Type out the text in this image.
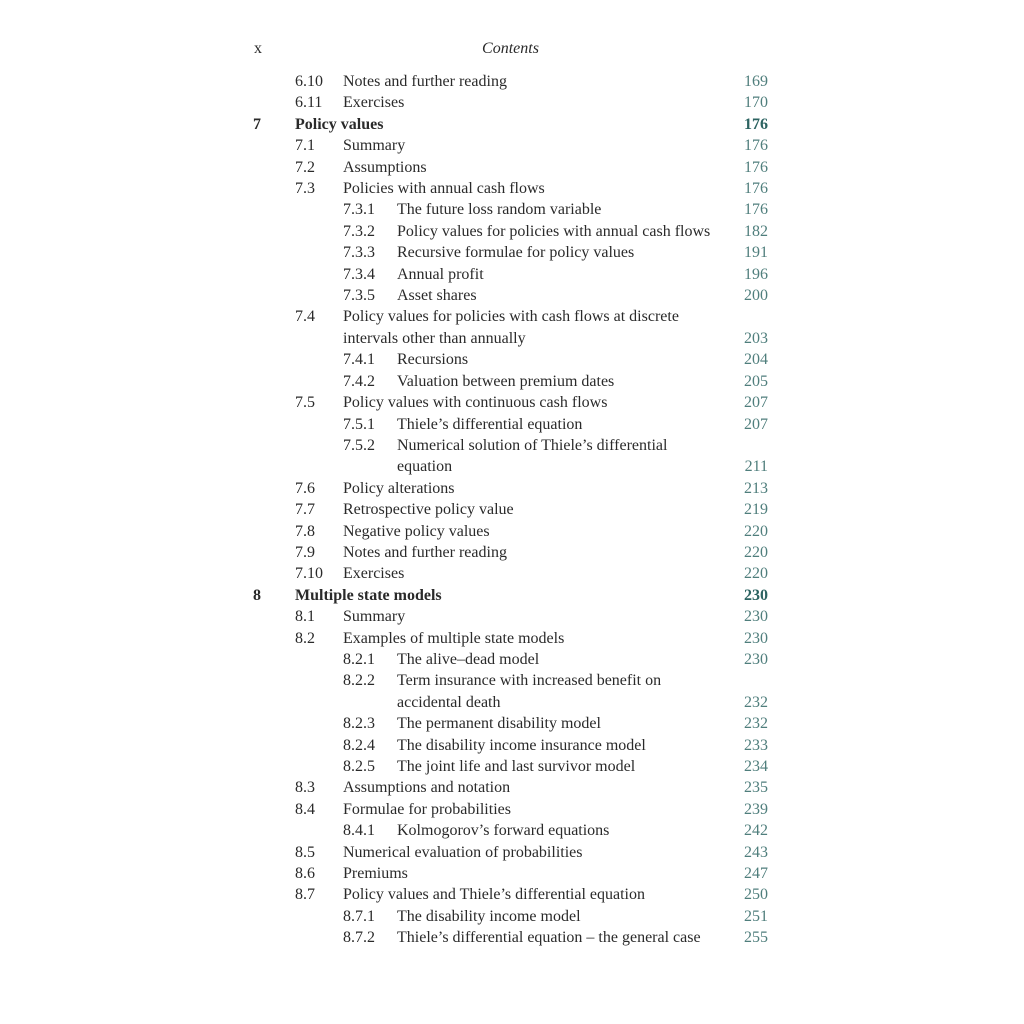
x	Contents
6.10	Notes and further reading	169
6.11	Exercises	170
7	Policy values	176
7.1	Summary	176
7.2	Assumptions	176
7.3	Policies with annual cash flows	176
7.3.1	The future loss random variable	176
7.3.2	Policy values for policies with annual cash flows 182
7.3.3	Recursive formulae for policy values	191
7.3.4	Annual profit	196
7.3.5	Asset shares	200
7.4	Policy values for policies with cash flows at discrete
intervals other than annually	203
7.4.1	Recursions	204
7.4.2	Valuation between premium dates	205
7.5	Policy values with continuous cash flows	207
7.5.1	Thiele’s differential equation	207
7.5.2	Numerical solution of Thiele’s differential
equation	211
7.6	Policy alterations	213
7.7	Retrospective policy value	219
7.8	Negative policy values	220
7.9	Notes and further reading	220
7.10	Exercises	220
8	Multiple state models	230
8.1	Summary	230
8.2	Examples of multiple state models	230
8.2.1	The alive–dead model	230
8.2.2	Term insurance with increased benefit on
accidental death	232
8.2.3	The permanent disability model	232
8.2.4	The disability income insurance model	233
8.2.5	The joint life and last survivor model	234
8.3	Assumptions and notation	235
8.4	Formulae for probabilities	239
8.4.1	Kolmogorov’s forward equations	242
8.5	Numerical evaluation of probabilities	243
8.6	Premiums	247
8.7	Policy values and Thiele’s differential equation	250
8.7.1	The disability income model	251
8.7.2	Thiele’s differential equation – the general case	255
